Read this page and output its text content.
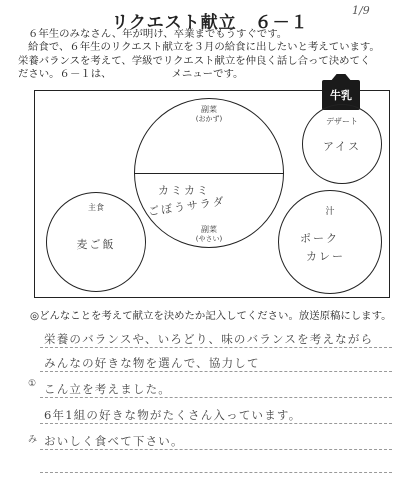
1/9
リクエスト献立　６－１

６年生のみなさん、年が明け、卒業までもうすぐです。

給食で、６年生のリクエスト献立を３月の給食に出したいと考えています。

栄養バランスを考えて、学級でリクエスト献立を仲良く話し合って決めてく

ださい。６－１は、	メニューです。

牛乳
副菜
(おかず)
カミカミ
ごぼうサラダ
副菜
(やさい)
主食
麦ご飯
デザート
アイス
汁
ポーク
カレー
◎どんなことを考えて献立を決めたか記入してください。放送原稿にします。
栄養のバランスや、いろどり、味のバランスを考えながら
みんなの好きな物を選んで、協力して
① こん立を考えました。
6年1組の好きな物がたくさん入っています。
み おいしく食べて下さい。
